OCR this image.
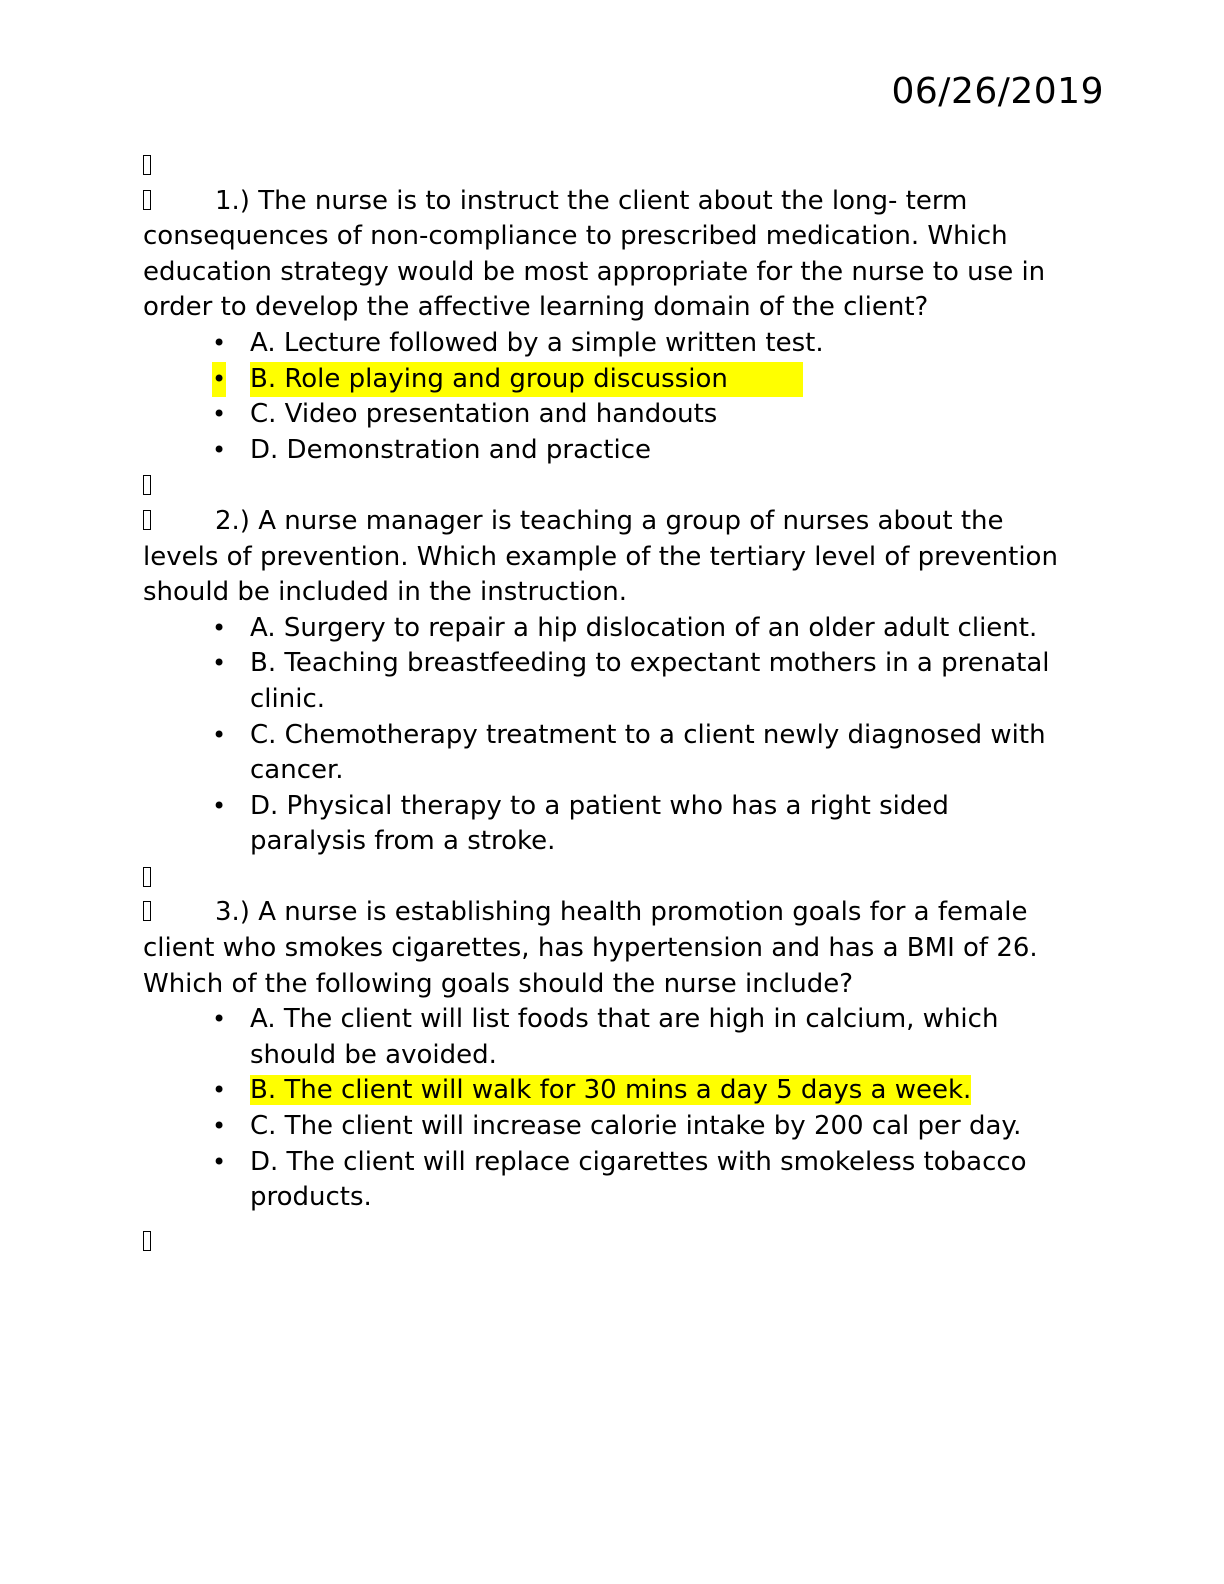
06/26/2019
1.) The nurse is to instruct the client about the long- term consequences of non-compliance to prescribed medication. Which education strategy would be most appropriate for the nurse to use in order to develop the affective learning domain of the client?
• A. Lecture followed by a simple written test.
• B. Role playing and group discussion
• C. Video presentation and handouts
• D. Demonstration and practice
2.) A nurse manager is teaching a group of nurses about the levels of prevention. Which example of the tertiary level of prevention should be included in the instruction.
• A. Surgery to repair a hip dislocation of an older adult client.
• B. Teaching breastfeeding to expectant mothers in a prenatal clinic.
• C. Chemotherapy treatment to a client newly diagnosed with cancer.
• D. Physical therapy to a patient who has a right sided paralysis from a stroke.
3.) A nurse is establishing health promotion goals for a female client who smokes cigarettes, has hypertension and has a BMI of 26. Which of the following goals should the nurse include?
• A. The client will list foods that are high in calcium, which should be avoided.
• B. The client will walk for 30 mins a day 5 days a week.
• C. The client will increase calorie intake by 200 cal per day.
• D. The client will replace cigarettes with smokeless tobacco products.
